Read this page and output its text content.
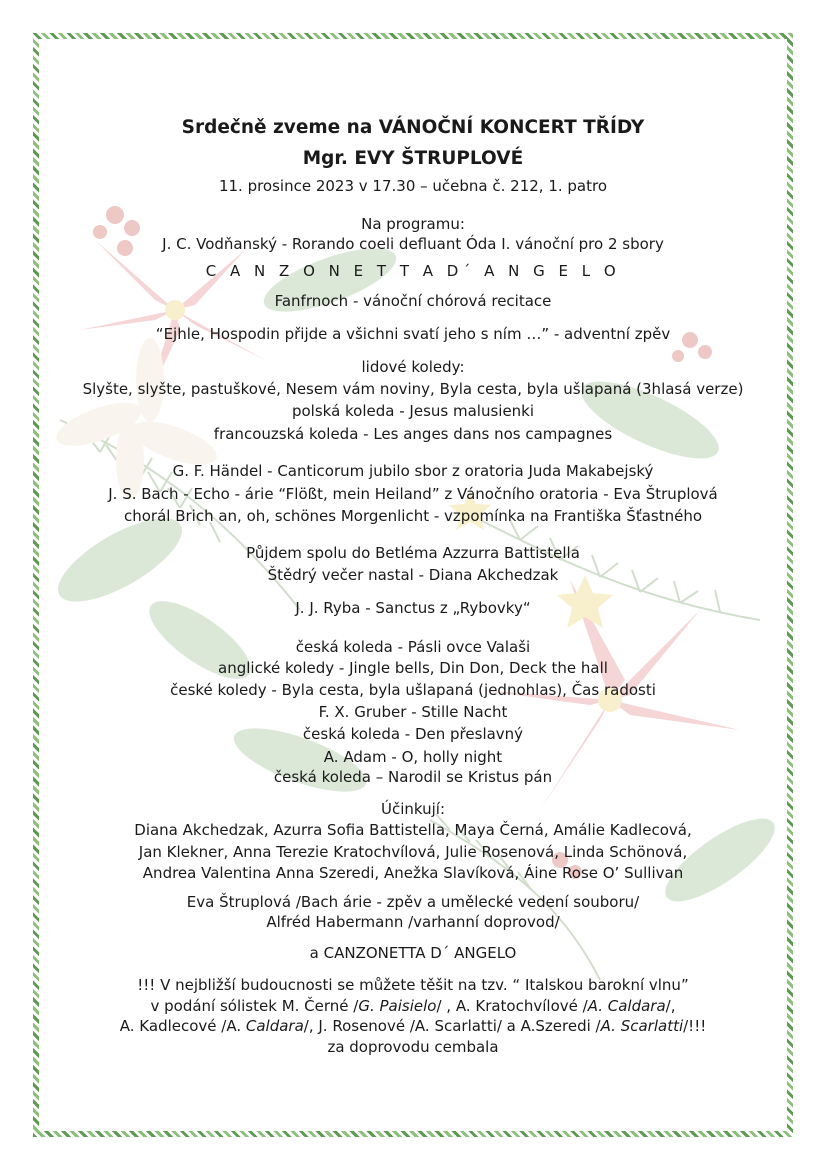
Srdečně zveme na VÁNOČNÍ KONCERT TŘÍDY
Mgr. EVY ŠTRUPLOVÉ
11. prosince 2023 v 17.30 – učebna č. 212, 1. patro
Na programu:
J. C. Vodňanský - Rorando coeli defluant Óda I. vánoční pro 2 sbory
C A N Z O N E T T A D´ A N G E L O
Fanfrnoch - vánoční chórová recitace
“Ejhle, Hospodin přijde a všichni svatí jeho s ním …” - adventní zpěv
lidové koledy:
Slyšte, slyšte, pastuškové, Nesem vám noviny, Byla cesta, byla ušlapaná (3hlasá verze)
polská koleda - Jesus malusienki
francouzská koleda - Les anges dans nos campagnes
G. F. Händel - Canticorum jubilo sbor z oratoria Juda Makabejský
J. S. Bach - Echo - árie “Flößt, mein Heiland” z Vánočního oratoria - Eva Štruplová
chorál Brich an, oh, schönes Morgenlicht - vzpomínka na Františka Šťastného
Půjdem spolu do Betléma Azzurra Battistella
Štědrý večer nastal - Diana Akchedzak
J. J. Ryba - Sanctus z „Rybovky“
česká koleda - Pásli ovce Valaši
anglické koledy - Jingle bells, Din Don, Deck the hall
české koledy - Byla cesta, byla ušlapaná (jednohlas), Čas radosti
F. X. Gruber - Stille Nacht
česká koleda - Den přeslavný
A. Adam - O, holly night
česká koleda – Narodil se Kristus pán
Účinkují:
Diana Akchedzak, Azurra Sofia Battistella, Maya Černá, Amálie Kadlecová,
Jan Klekner, Anna Terezie Kratochvílová, Julie Rosenová, Linda Schönová,
Andrea Valentina Anna Szeredi, Anežka Slavíková, Áine Rose O’ Sullivan
Eva Štruplová /Bach árie - zpěv a umělecké vedení souboru/
Alfréd Habermann /varhanní doprovod/
a CANZONETTA D´ ANGELO
!!! V nejbližší budoucnosti se můžete těšit na tzv. “ Italskou barokní vlnu”
v podání sólistek M. Černé /G. Paisielo/ , A. Kratochvílové /A. Caldara/,
A. Kadlecové /A. Caldara/, J. Rosenové /A. Scarlatti/ a A.Szeredi /A. Scarlatti/!!!
za doprovodu cembala
